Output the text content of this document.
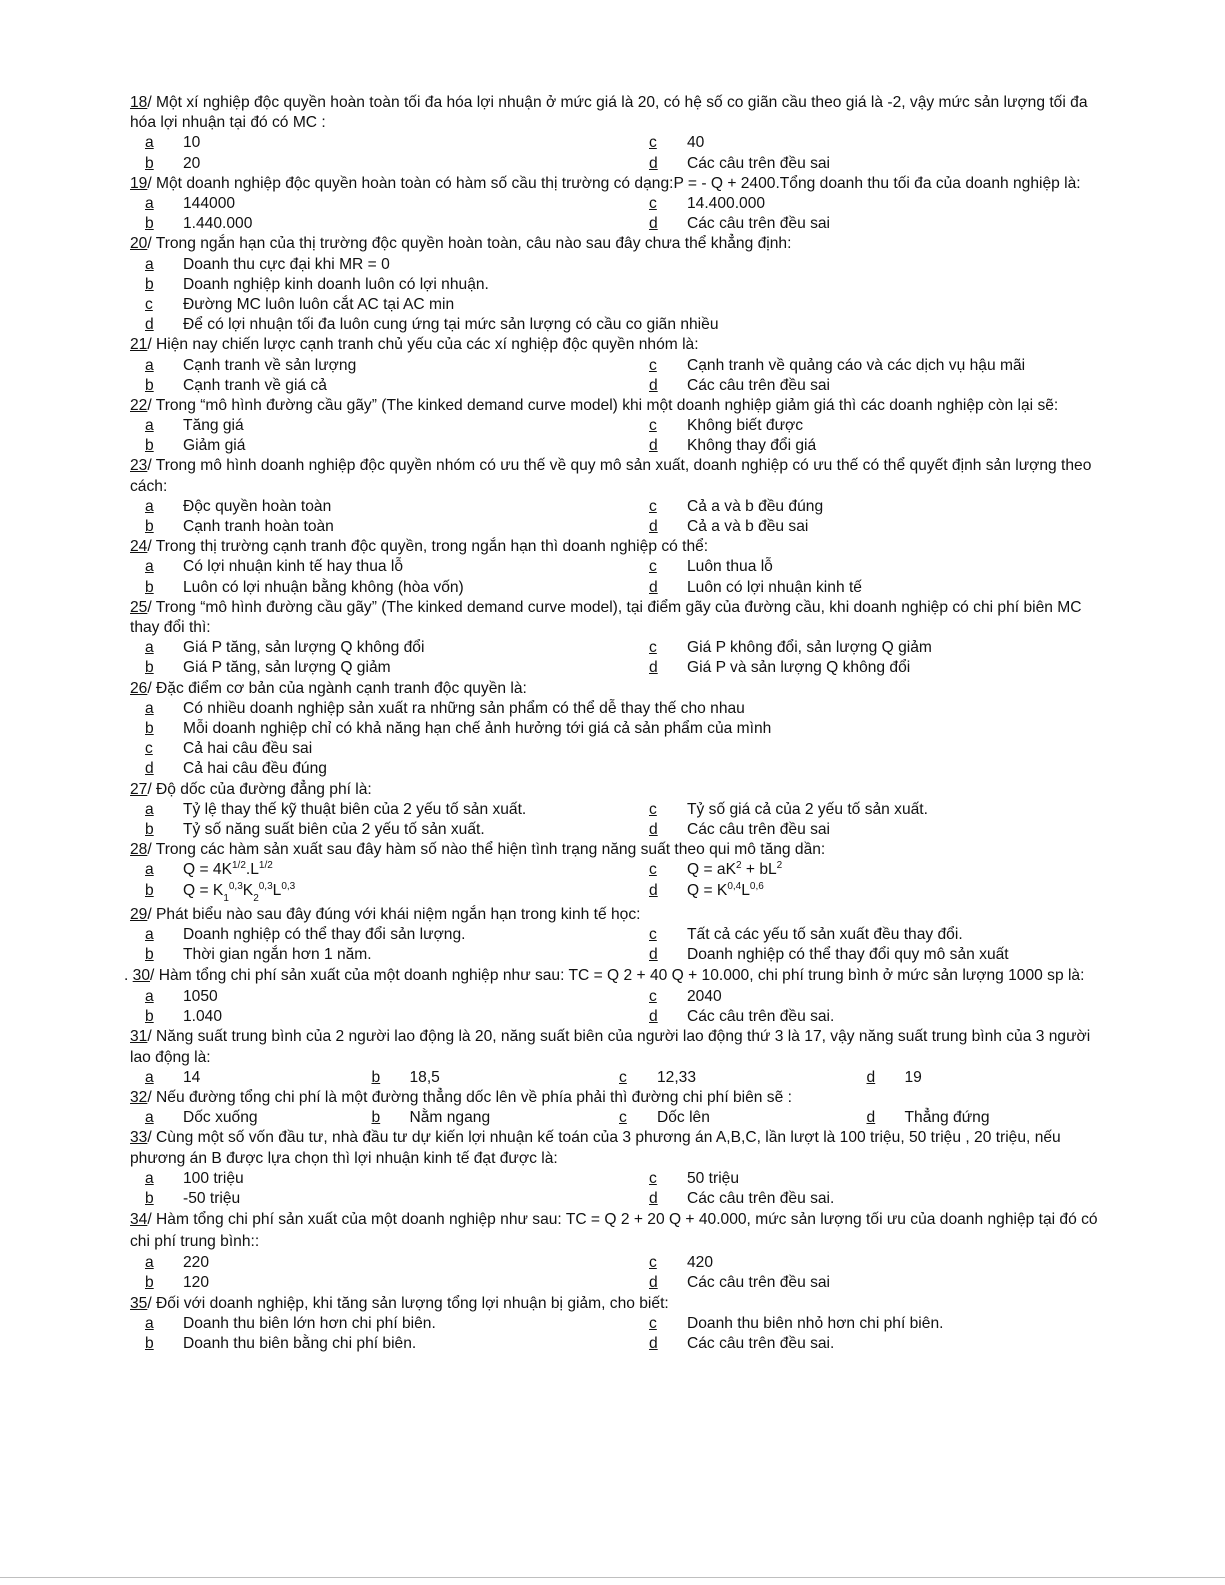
18/ Một xí nghiệp độc quyền hoàn toàn tối đa hóa lợi nhuận ở mức giá là 20, có hệ số co giãn cầu theo giá là -2, vậy mức sản lượng tối đa hóa lợi nhuận tại đó có MC :
a	10	c	40
b	20	d	Các câu trên đều sai
19/ Một doanh nghiệp độc quyền hoàn toàn có hàm số cầu thị trường có dạng:P = - Q + 2400.Tổng doanh thu tối đa của doanh nghiệp là:
a	144000	c	14.400.000
b	1.440.000	d	Các câu trên đều sai
20/ Trong ngắn hạn của thị trường độc quyền hoàn toàn, câu nào sau đây chưa thể khẳng định:
a	Doanh thu cực đại khi MR = 0
b	Doanh nghiệp kinh doanh luôn có lợi nhuận.
c	Đường MC luôn luôn cắt AC tại AC min
d	Để có lợi nhuận tối đa luôn cung ứng tại mức sản lượng có cầu co giãn nhiều
21/ Hiện nay chiến lược cạnh tranh chủ yếu của các xí nghiệp độc quyền nhóm là:
a	Cạnh tranh về sản lượng	c	Cạnh tranh về quảng cáo và các dịch vụ hậu mãi
b	Cạnh tranh về giá cả	d	Các câu trên đều sai
22/ Trong “mô hình đường cầu gãy” (The kinked demand curve model) khi một doanh nghiệp giảm giá thì các doanh nghiệp còn lại sẽ:
a	Tăng giá	c	Không biết được
b	Giảm giá	d	Không thay đổi giá
23/ Trong mô hình doanh nghiệp độc quyền nhóm có ưu thế về quy mô sản xuất, doanh nghiệp có ưu thế có thể quyết định sản lượng theo cách:
a	Độc quyền hoàn toàn	c	Cả a và b đều đúng
b	Cạnh tranh hoàn toàn	d	Cả a và b đều sai
24/ Trong thị trường cạnh tranh độc quyền, trong ngắn hạn thì doanh nghiệp có thể:
a	Có lợi nhuận kinh tế hay thua lỗ	c	Luôn thua lỗ
b	Luôn có lợi nhuận bằng không (hòa vốn)	d	Luôn có lợi nhuận kinh tế
25/ Trong “mô hình đường cầu gãy” (The kinked demand curve model), tại điểm gãy của đường cầu, khi doanh nghiệp có chi phí biên MC thay đổi thì:
a	Giá P tăng, sản lượng Q không đổi	c	Giá P không đổi, sản lượng Q giảm
b	Giá P tăng, sản lượng Q giảm	d	Giá P và sản lượng Q không đổi
26/ Đặc điểm cơ bản của ngành cạnh tranh độc quyền là:
a	Có nhiều doanh nghiệp sản xuất ra những sản phẩm có thể dễ thay thế cho nhau
b	Mỗi doanh nghiệp chỉ có khả năng hạn chế ảnh hưởng tới giá cả sản phẩm của mình
c	Cả hai câu đều sai
d	Cả hai câu đều đúng
27/ Độ dốc của đường đẳng phí là:
a	Tỷ lệ thay thế kỹ thuật biên của 2 yếu tố sản xuất.	c	Tỷ số giá cả của 2 yếu tố sản xuất.
b	Tỷ số năng suất biên của 2 yếu tố sản xuất.	d	Các câu trên đều sai
28/ Trong các hàm sản xuất sau đây hàm số nào thể hiện tình trạng năng suất theo qui mô tăng dần:
a	$Q = 4K^{1/2}.L^{1/2}$	c	$Q = aK^2 + bL^2$
b	$Q = K_1^{0,3}K_2^{0,3}L^{0,3}$	d	$Q = K^{0,4}L^{0,6}$
29/ Phát biểu nào sau đây đúng với khái niệm ngắn hạn trong kinh tế học:
a	Doanh nghiệp có thể thay đổi sản lượng.	c	Tất cả các yếu tố sản xuất đều thay đổi.
b	Thời gian ngắn hơn 1 năm.	d	Doanh nghiệp có thể thay đổi quy mô sản xuất
. 30/ Hàm tổng chi phí sản xuất của một doanh nghiệp như sau: TC = Q 2 + 40 Q + 10.000, chi phí trung bình ở mức sản lượng 1000 sp là:
a	1050	c	2040
b	1.040	d	Các câu trên đều sai.
31/ Năng suất trung bình của 2 người lao động là 20, năng suất biên của người lao động thứ 3 là 17, vậy năng suất trung bình của 3 người lao động là:
a	14	b	18,5	c	12,33	d	19
32/ Nếu đường tổng chi phí là một đường thẳng dốc lên về phía phải thì đường chi phí biên sẽ :
a	Dốc xuống	b	Nằm ngang	c	Dốc lên	d	Thẳng đứng
33/ Cùng một số vốn đầu tư, nhà đầu tư dự kiến lợi nhuận kế toán của 3 phương án A,B,C, lần lượt là 100 triệu, 50 triệu , 20 triệu, nếu phương án B được lựa chọn thì lợi nhuận kinh tế đạt được là:
a	100 triệu	c	50 triệu
b	-50 triệu	d	Các câu trên đều sai.
34/ Hàm tổng chi phí sản xuất của một doanh nghiệp như sau: TC = Q 2 + 20 Q + 40.000, mức sản lượng tối ưu của doanh nghiệp tại đó có chi phí trung bình::
a	220	c	420
b	120	d	Các câu trên đều sai
35/ Đối với doanh nghiệp, khi tăng sản lượng tổng lợi nhuận bị giảm, cho biết:
a	Doanh thu biên lớn hơn chi phí biên.	c	Doanh thu biên nhỏ hơn chi phí biên.
b	Doanh thu biên bằng chi phí biên.	d	Các câu trên đều sai.
